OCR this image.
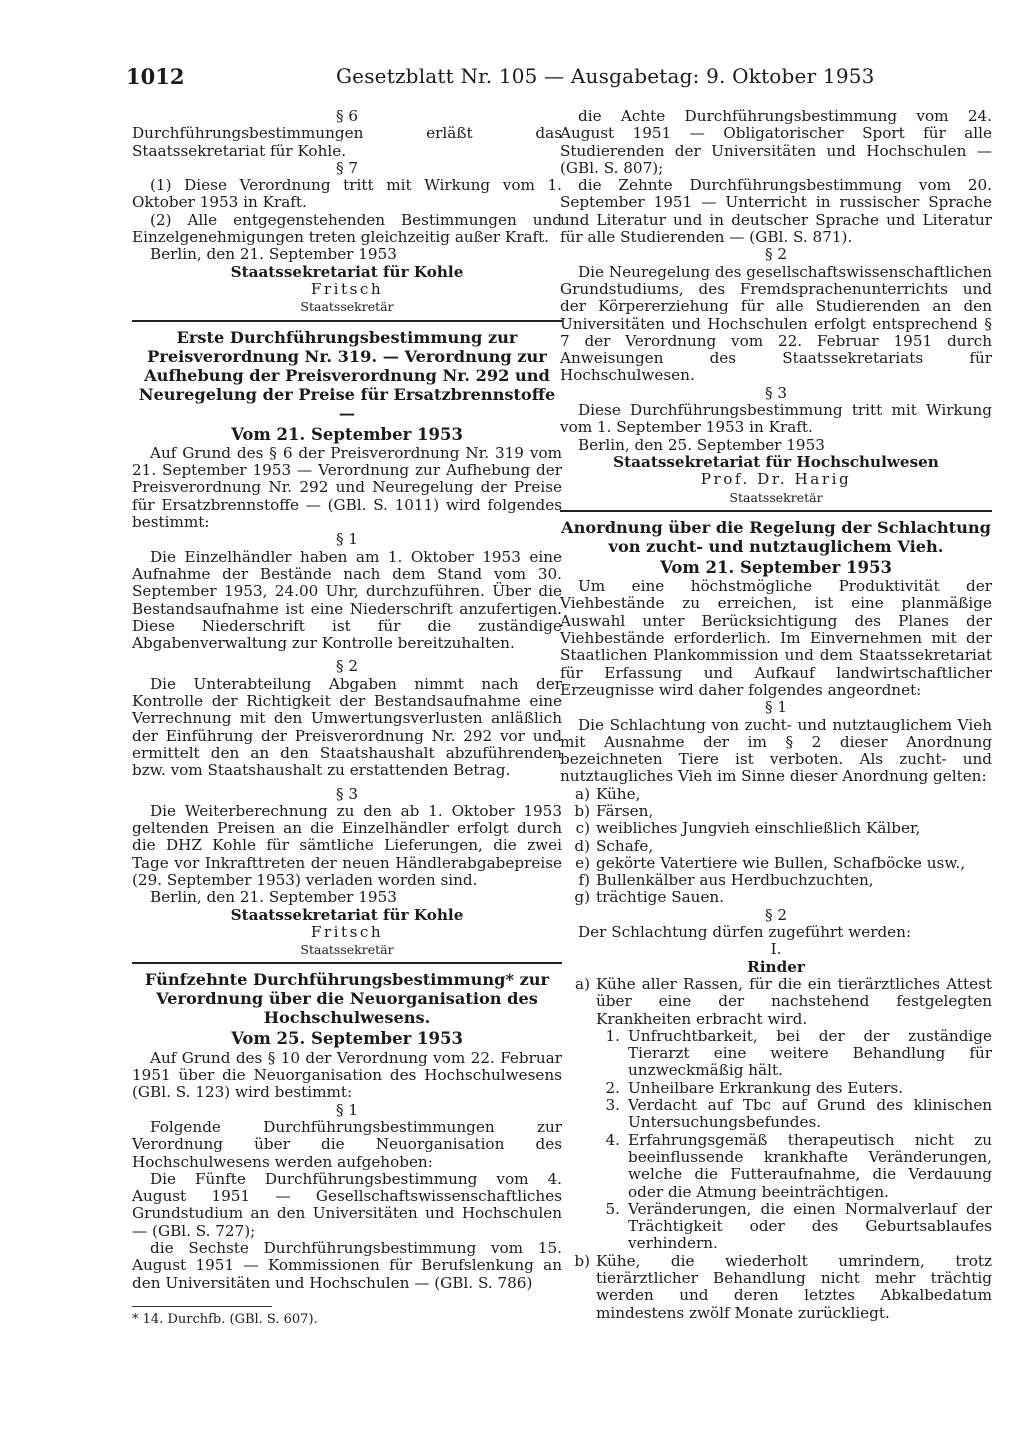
1012	Gesetzblatt Nr. 105 — Ausgabetag: 9. Oktober 1953
§ 6
Durchführungsbestimmungen erläßt das Staatssekretariat für Kohle.
§ 7
(1) Diese Verordnung tritt mit Wirkung vom 1. Oktober 1953 in Kraft.
(2) Alle entgegenstehenden Bestimmungen und Einzelgenehmigungen treten gleichzeitig außer Kraft.
Berlin, den 21. September 1953
Staatssekretariat für Kohle
Fritsch
Staatssekretär
Erste Durchführungsbestimmung zur Preisverordnung Nr. 319. — Verordnung zur Aufhebung der Preisverordnung Nr. 292 und Neuregelung der Preise für Ersatzbrennstoffe —
Vom 21. September 1953
Auf Grund des § 6 der Preisverordnung Nr. 319 vom 21. September 1953 — Verordnung zur Aufhebung der Preisverordnung Nr. 292 und Neuregelung der Preise für Ersatzbrennstoffe — (GBl. S. 1011) wird folgendes bestimmt:
§ 1
Die Einzelhändler haben am 1. Oktober 1953 eine Aufnahme der Bestände nach dem Stand vom 30. September 1953, 24.00 Uhr, durchzuführen. Über die Bestandsaufnahme ist eine Niederschrift anzufertigen. Diese Niederschrift ist für die zuständige Abgabenverwaltung zur Kontrolle bereitzuhalten.
§ 2
Die Unterabteilung Abgaben nimmt nach der Kontrolle der Richtigkeit der Bestandsaufnahme eine Verrechnung mit den Umwertungsverlusten anläßlich der Einführung der Preisverordnung Nr. 292 vor und ermittelt den an den Staatshaushalt abzuführenden bzw. vom Staatshaushalt zu erstattenden Betrag.
§ 3
Die Weiterberechnung zu den ab 1. Oktober 1953 geltenden Preisen an die Einzelhändler erfolgt durch die DHZ Kohle für sämtliche Lieferungen, die zwei Tage vor Inkrafttreten der neuen Händlerabgabepreise (29. September 1953) verladen worden sind.
Berlin, den 21. September 1953
Staatssekretariat für Kohle
Fritsch
Staatssekretär
Fünfzehnte Durchführungsbestimmung* zur Verordnung über die Neuorganisation des Hochschulwesens.
Vom 25. September 1953
Auf Grund des § 10 der Verordnung vom 22. Februar 1951 über die Neuorganisation des Hochschulwesens (GBl. S. 123) wird bestimmt:
§ 1
Folgende Durchführungsbestimmungen zur Verordnung über die Neuorganisation des Hochschulwesens werden aufgehoben:
Die Fünfte Durchführungsbestimmung vom 4. August 1951 — Gesellschaftswissenschaftliches Grundstudium an den Universitäten und Hochschulen — (GBl. S. 727);
die Sechste Durchführungsbestimmung vom 15. August 1951 — Kommissionen für Berufslenkung an den Universitäten und Hochschulen — (GBl. S. 786)
* 14. Durchfb. (GBl. S. 607).
die Achte Durchführungsbestimmung vom 24. August 1951 — Obligatorischer Sport für alle Studierenden der Universitäten und Hochschulen — (GBl. S. 807);
die Zehnte Durchführungsbestimmung vom 20. September 1951 — Unterricht in russischer Sprache und Literatur und in deutscher Sprache und Literatur für alle Studierenden — (GBl. S. 871).
§ 2
Die Neuregelung des gesellschaftswissenschaftlichen Grundstudiums, des Fremdsprachenunterrichts und der Körpererziehung für alle Studierenden an den Universitäten und Hochschulen erfolgt entsprechend § 7 der Verordnung vom 22. Februar 1951 durch Anweisungen des Staatssekretariats für Hochschulwesen.
§ 3
Diese Durchführungsbestimmung tritt mit Wirkung vom 1. September 1953 in Kraft.
Berlin, den 25. September 1953
Staatssekretariat für Hochschulwesen
Prof. Dr. Harig
Staatssekretär
Anordnung über die Regelung der Schlachtung von zucht- und nutztauglichem Vieh.
Vom 21. September 1953
Um eine höchstmögliche Produktivität der Viehbestände zu erreichen, ist eine planmäßige Auswahl unter Berücksichtigung des Planes der Viehbestände erforderlich. Im Einvernehmen mit der Staatlichen Plankommission und dem Staatssekretariat für Erfassung und Aufkauf landwirtschaftlicher Erzeugnisse wird daher folgendes angeordnet:
§ 1
Die Schlachtung von zucht- und nutztauglichem Vieh mit Ausnahme der im § 2 dieser Anordnung bezeichneten Tiere ist verboten. Als zucht- und nutztaugliches Vieh im Sinne dieser Anordnung gelten:
a) Kühe,
b) Färsen,
c) weibliches Jungvieh einschließlich Kälber,
d) Schafe,
e) gekörte Vatertiere wie Bullen, Schafböcke usw.,
f) Bullenkälber aus Herdbuchzuchten,
g) trächtige Sauen.
§ 2
Der Schlachtung dürfen zugeführt werden:
I.
Rinder
a) Kühe aller Rassen, für die ein tierärztliches Attest über eine der nachstehend festgelegten Krankheiten erbracht wird.
1. Unfruchtbarkeit, bei der der zuständige Tierarzt eine weitere Behandlung für unzweckmäßig hält.
2. Unheilbare Erkrankung des Euters.
3. Verdacht auf Tbc auf Grund des klinischen Untersuchungsbefundes.
4. Erfahrungsgemäß therapeutisch nicht zu beeinflussende krankhafte Veränderungen, welche die Futteraufnahme, die Verdauung oder die Atmung beeinträchtigen.
5. Veränderungen, die einen Normalverlauf der Trächtigkeit oder des Geburtsablaufes verhindern.
b) Kühe, die wiederholt umrindern, trotz tierärztlicher Behandlung nicht mehr trächtig werden und deren letztes Abkalbedatum mindestens zwölf Monate zurückliegt.
